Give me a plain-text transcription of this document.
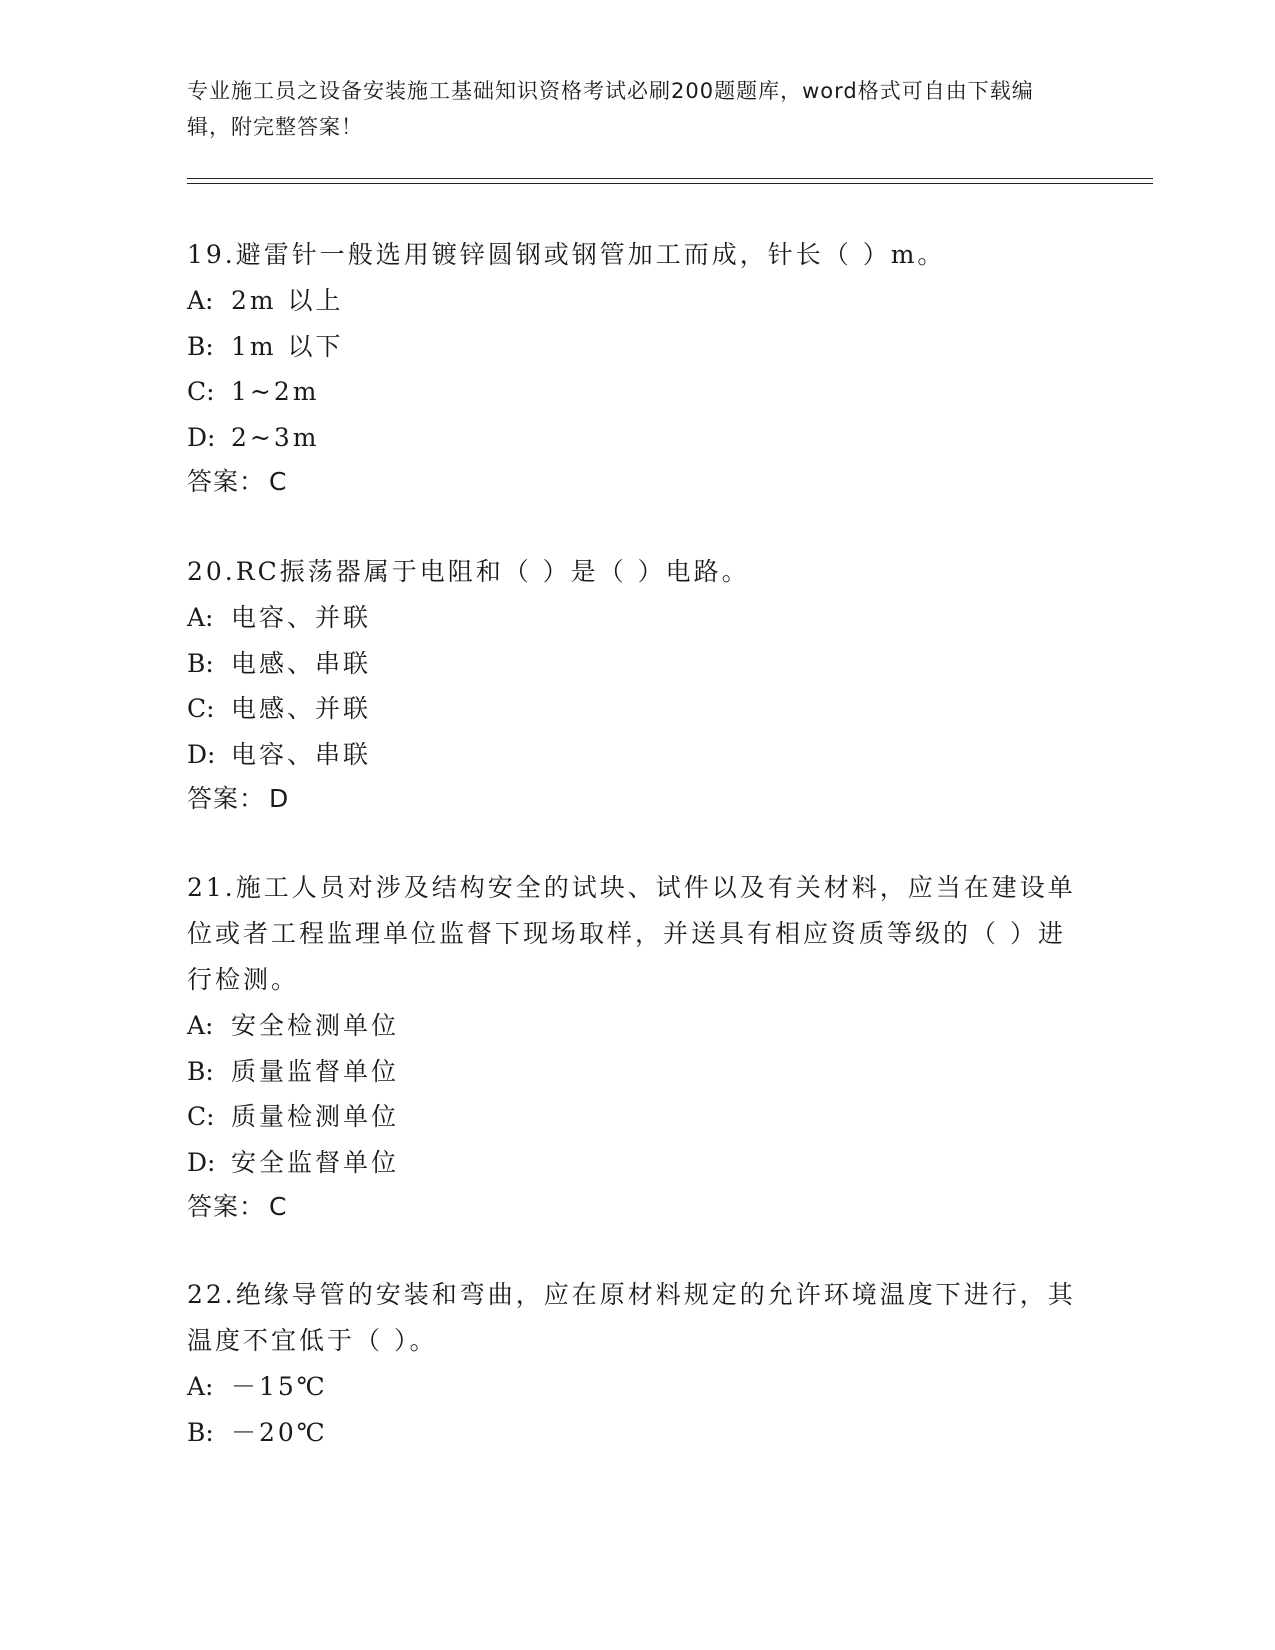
专业施工员之设备安装施工基础知识资格考试必刷200题题库，word格式可自由下载编辑，附完整答案！

19.避雷针一般选用镀锌圆钢或钢管加工而成，针长（ ）m。

A: 2m 以上

B: 1m 以下

C: 1~2m

D: 2~3m

答案： C

20.RC振荡器属于电阻和（ ）是（ ）电路。

A: 电容、并联

B: 电感、串联

C: 电感、并联

D: 电容、串联

答案： D

21.施工人员对涉及结构安全的试块、试件以及有关材料，应当在建设单位或者工程监理单位监督下现场取样，并送具有相应资质等级的（ ）进行检测。

A: 安全检测单位

B: 质量监督单位

C: 质量检测单位

D: 安全监督单位

答案： C

22.绝缘导管的安装和弯曲，应在原材料规定的允许环境温度下进行，其温度不宜低于（ ）。

A: －15℃

B: －20℃
